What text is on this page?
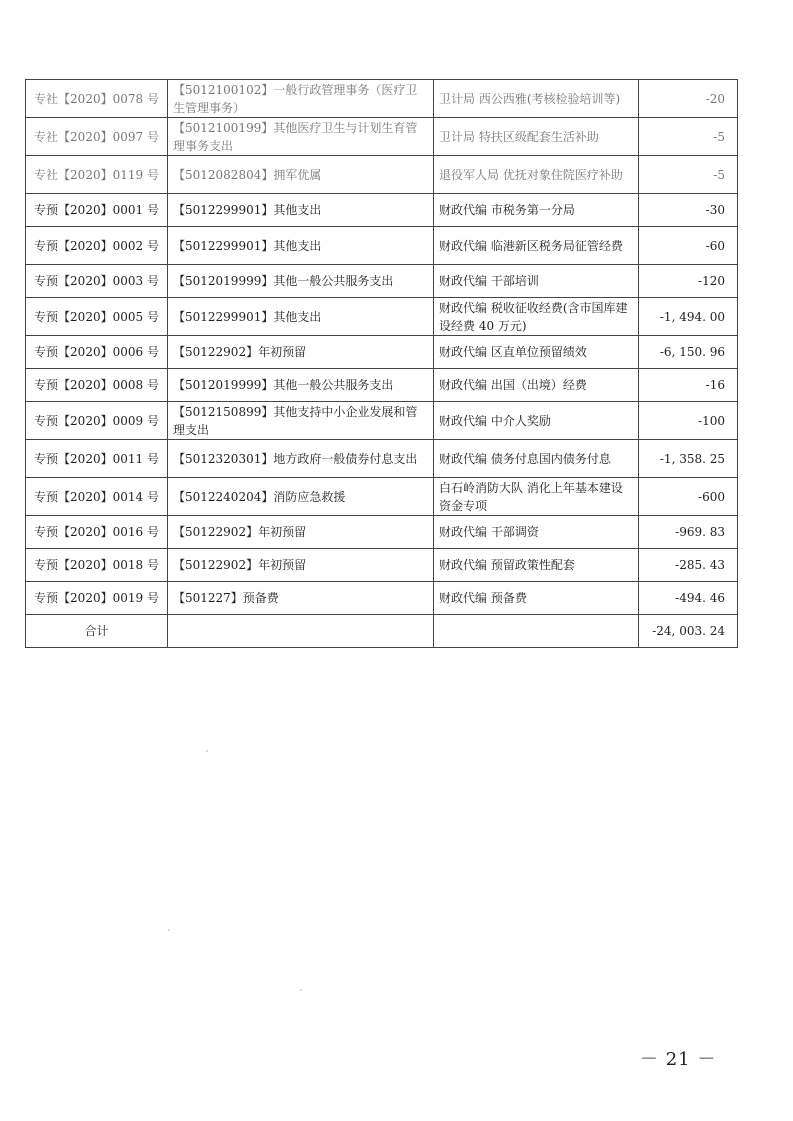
专社【2020】0078 号	【5012100102】一般行政管理事务（医疗卫生管理事务）	卫计局 西公西雅(考核检验培训等)	-20
专社【2020】0097 号	【5012100199】其他医疗卫生与计划生育管理事务支出	卫计局 特扶区级配套生活补助	-5
专社【2020】0119 号	【5012082804】拥军优属	退役军人局 优抚对象住院医疗补助	-5
专预【2020】0001 号	【5012299901】其他支出	财政代编 市税务第一分局	-30
专预【2020】0002 号	【5012299901】其他支出	财政代编 临港新区税务局征管经费	-60
专预【2020】0003 号	【5012019999】其他一般公共服务支出	财政代编 干部培训	-120
专预【2020】0005 号	【5012299901】其他支出	财政代编 税收征收经费(含市国库建设经费 40 万元)	-1, 494. 00
专预【2020】0006 号	【50122902】年初预留	财政代编 区直单位预留绩效	-6, 150. 96
专预【2020】0008 号	【5012019999】其他一般公共服务支出	财政代编 出国（出境）经费	-16
专预【2020】0009 号	【5012150899】其他支持中小企业发展和管理支出	财政代编 中介人奖励	-100
专预【2020】0011 号	【5012320301】地方政府一般债券付息支出	财政代编 债务付息国内债务付息	-1, 358. 25
专预【2020】0014 号	【5012240204】消防应急救援	白石岭消防大队 消化上年基本建设资金专项	-600
专预【2020】0016 号	【50122902】年初预留	财政代编 干部调资	-969. 83
专预【2020】0018 号	【50122902】年初预留	财政代编 预留政策性配套	-285. 43
专预【2020】0019 号	【501227】预备费	财政代编 预备费	-494. 46
合计			-24, 003. 24
－ 21 －
